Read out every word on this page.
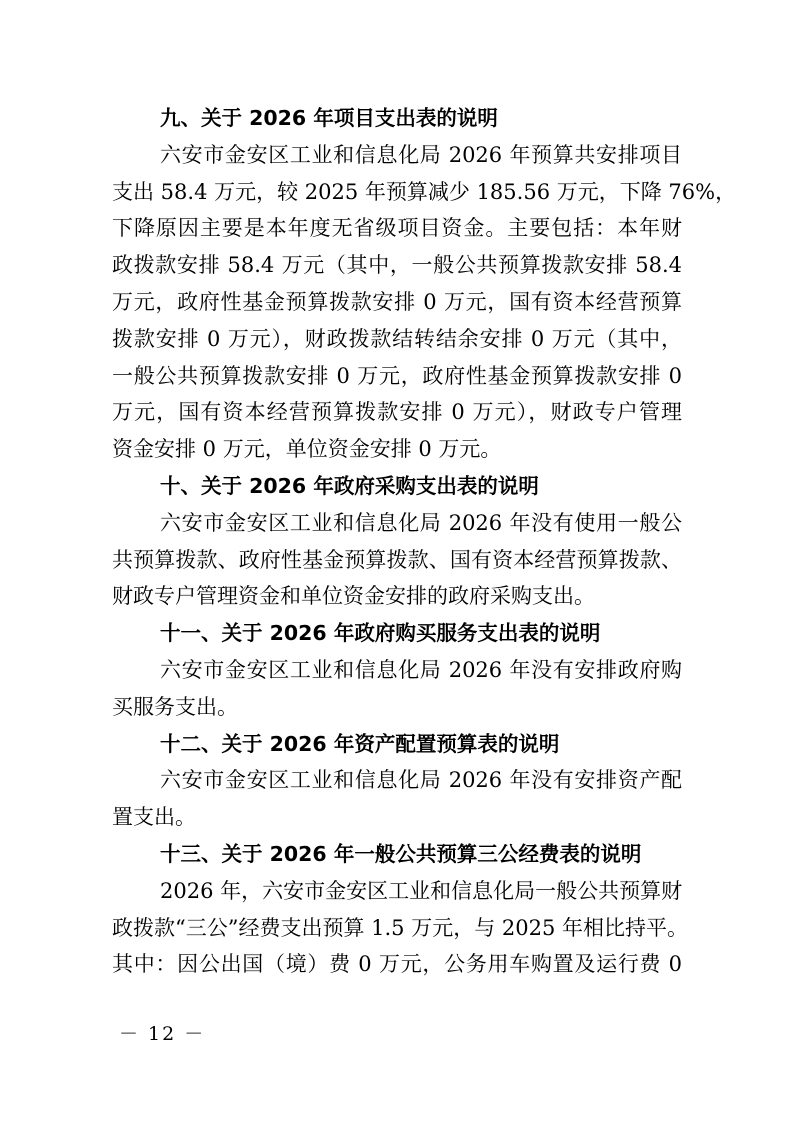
九、关于 2026 年项目支出表的说明
六安市金安区工业和信息化局 2026 年预算共安排项目
支出 58.4 万元，较 2025 年预算减少 185.56 万元，下降 76%，
下降原因主要是本年度无省级项目资金。主要包括：本年财
政拨款安排 58.4 万元（其中，一般公共预算拨款安排 58.4
万元，政府性基金预算拨款安排 0 万元，国有资本经营预算
拨款安排 0 万元），财政拨款结转结余安排 0 万元（其中，
一般公共预算拨款安排 0 万元，政府性基金预算拨款安排 0
万元，国有资本经营预算拨款安排 0 万元），财政专户管理
资金安排 0 万元，单位资金安排 0 万元。
十、关于 2026 年政府采购支出表的说明
六安市金安区工业和信息化局 2026 年没有使用一般公
共预算拨款、政府性基金预算拨款、国有资本经营预算拨款、
财政专户管理资金和单位资金安排的政府采购支出。
十一、关于 2026 年政府购买服务支出表的说明
六安市金安区工业和信息化局 2026 年没有安排政府购
买服务支出。
十二、关于 2026 年资产配置预算表的说明
六安市金安区工业和信息化局 2026 年没有安排资产配
置支出。
十三、关于 2026 年一般公共预算三公经费表的说明
2026 年，六安市金安区工业和信息化局一般公共预算财
政拨款“三公”经费支出预算 1.5 万元，与 2025 年相比持平。
其中：因公出国（境）费 0 万元，公务用车购置及运行费 0
－ 12 －
